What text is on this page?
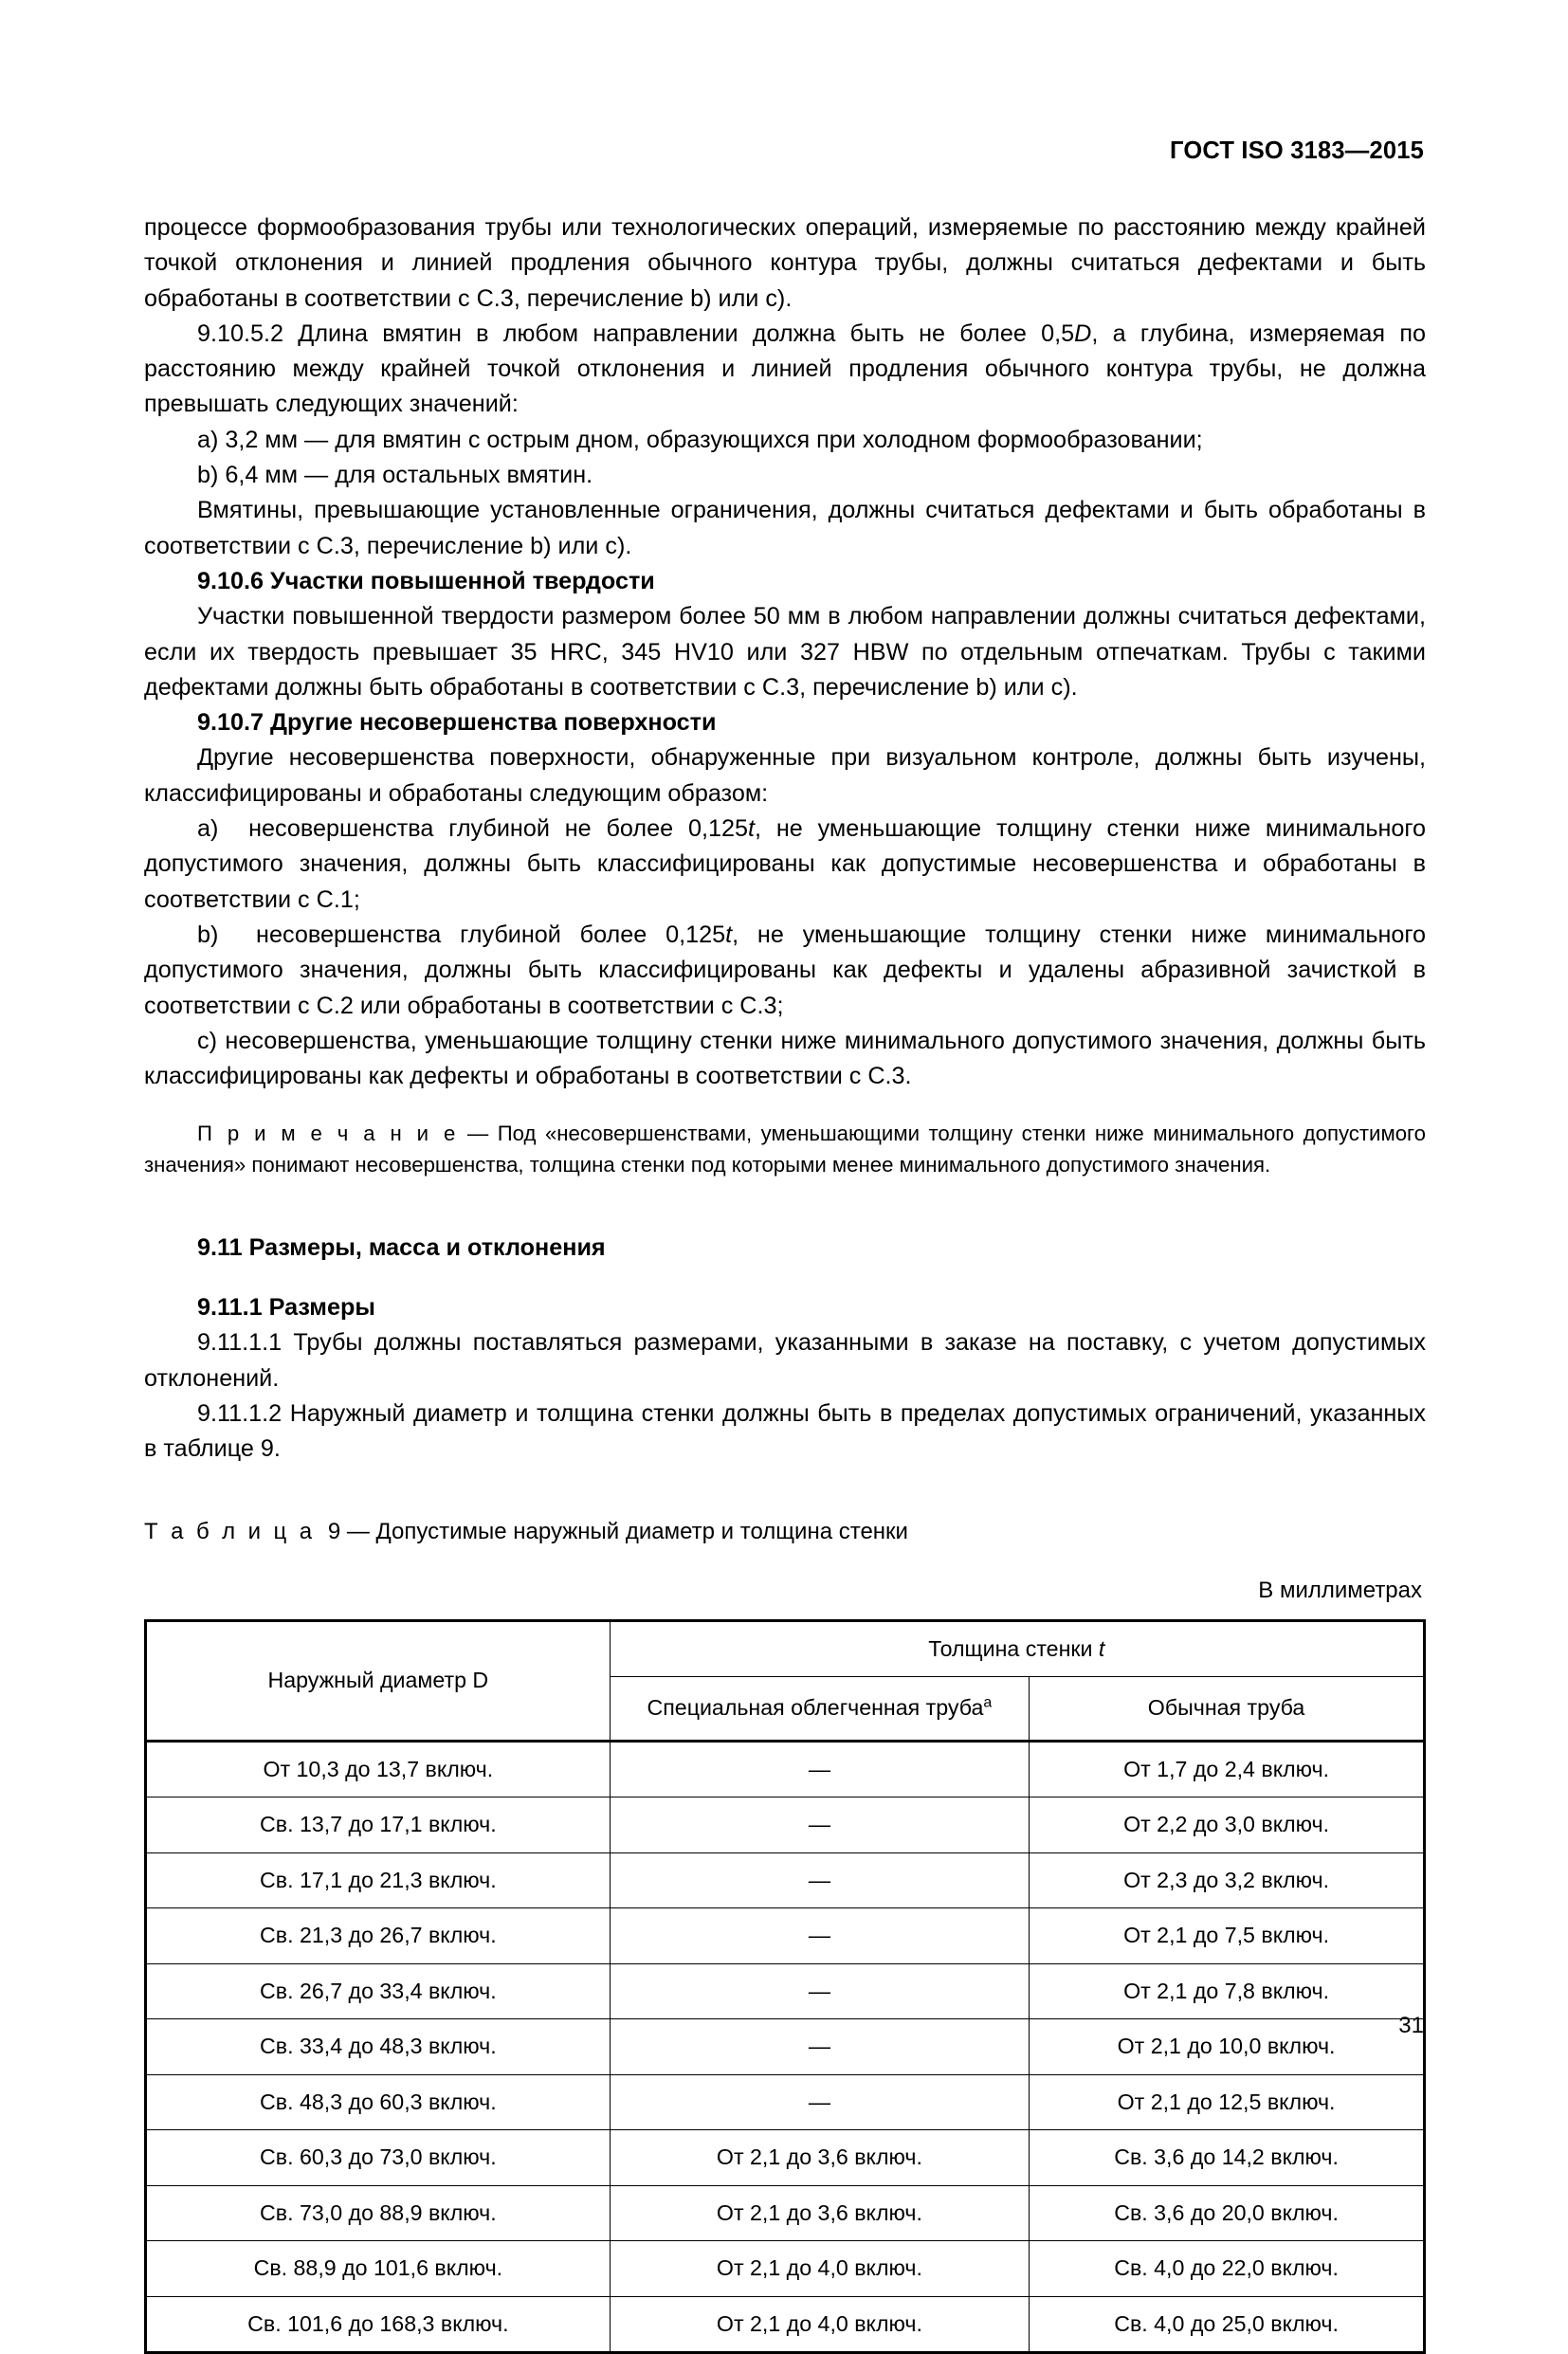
ГОСТ ISO 3183—2015

процессе формообразования трубы или технологических операций, измеряемые по расстоянию между крайней точкой отклонения и линией продления обычного контура трубы, должны считаться дефектами и быть обработаны в соответствии с С.3, перечисление b) или c).

9.10.5.2 Длина вмятин в любом направлении должна быть не более 0,5D, а глубина, измеряемая по расстоянию между крайней точкой отклонения и линией продления обычного контура трубы, не должна превышать следующих значений:

a) 3,2 мм — для вмятин с острым дном, образующихся при холодном формообразовании;

b) 6,4 мм — для остальных вмятин.

Вмятины, превышающие установленные ограничения, должны считаться дефектами и быть обработаны в соответствии с С.3, перечисление b) или c).

9.10.6 Участки повышенной твердости

Участки повышенной твердости размером более 50 мм в любом направлении должны считаться дефектами, если их твердость превышает 35 HRC, 345 HV10 или 327 HBW по отдельным отпечаткам. Трубы с такими дефектами должны быть обработаны в соответствии с С.3, перечисление b) или c).

9.10.7 Другие несовершенства поверхности

Другие несовершенства поверхности, обнаруженные при визуальном контроле, должны быть изучены, классифицированы и обработаны следующим образом:

a)  несовершенства глубиной не более 0,125t, не уменьшающие толщину стенки ниже минимального допустимого значения, должны быть классифицированы как допустимые несовершенства и обработаны в соответствии с С.1;

b)  несовершенства глубиной более 0,125t, не уменьшающие толщину стенки ниже минимального допустимого значения, должны быть классифицированы как дефекты и удалены абразивной зачисткой в соответствии с С.2 или обработаны в соответствии с С.3;

c) несовершенства, уменьшающие толщину стенки ниже минимального допустимого значения, должны быть классифицированы как дефекты и обработаны в соответствии с С.3.

П р и м е ч а н и е — Под «несовершенствами, уменьшающими толщину стенки ниже минимального допустимого значения» понимают несовершенства, толщина стенки под которыми менее минимального допустимого значения.

9.11 Размеры, масса и отклонения
9.11.1 Размеры

9.11.1.1 Трубы должны поставляться размерами, указанными в заказе на поставку, с учетом допустимых отклонений.

9.11.1.2 Наружный диаметр и толщина стенки должны быть в пределах допустимых ограничений, указанных в таблице 9.

Т а б л и ц а 9 — Допустимые наружный диаметр и толщина стенки

В миллиметрах

Наружный диаметр D	Толщина стенки t	
	Специальная облегченная труба$^a$	Обычная труба
От 10,3 до 13,7 включ.	—	От 1,7 до 2,4 включ.
Св. 13,7 до 17,1 включ.	—	От 2,2 до 3,0 включ.
Св. 17,1 до 21,3 включ.	—	От 2,3 до 3,2 включ.
Св. 21,3 до 26,7 включ.	—	От 2,1 до 7,5 включ.
Св. 26,7 до 33,4 включ.	—	От 2,1 до 7,8 включ.
Св. 33,4 до 48,3 включ.	—	От 2,1 до 10,0 включ.
Св. 48,3 до 60,3 включ.	—	От 2,1 до 12,5 включ.
Св. 60,3 до 73,0 включ.	От 2,1 до 3,6 включ.	Св. 3,6 до 14,2 включ.
Св. 73,0 до 88,9 включ.	От 2,1 до 3,6 включ.	Св. 3,6 до 20,0 включ.
Св. 88,9 до 101,6 включ.	От 2,1 до 4,0 включ.	Св. 4,0 до 22,0 включ.
Св. 101,6 до 168,3 включ.	От 2,1 до 4,0 включ.	Св. 4,0 до 25,0 включ.
31
